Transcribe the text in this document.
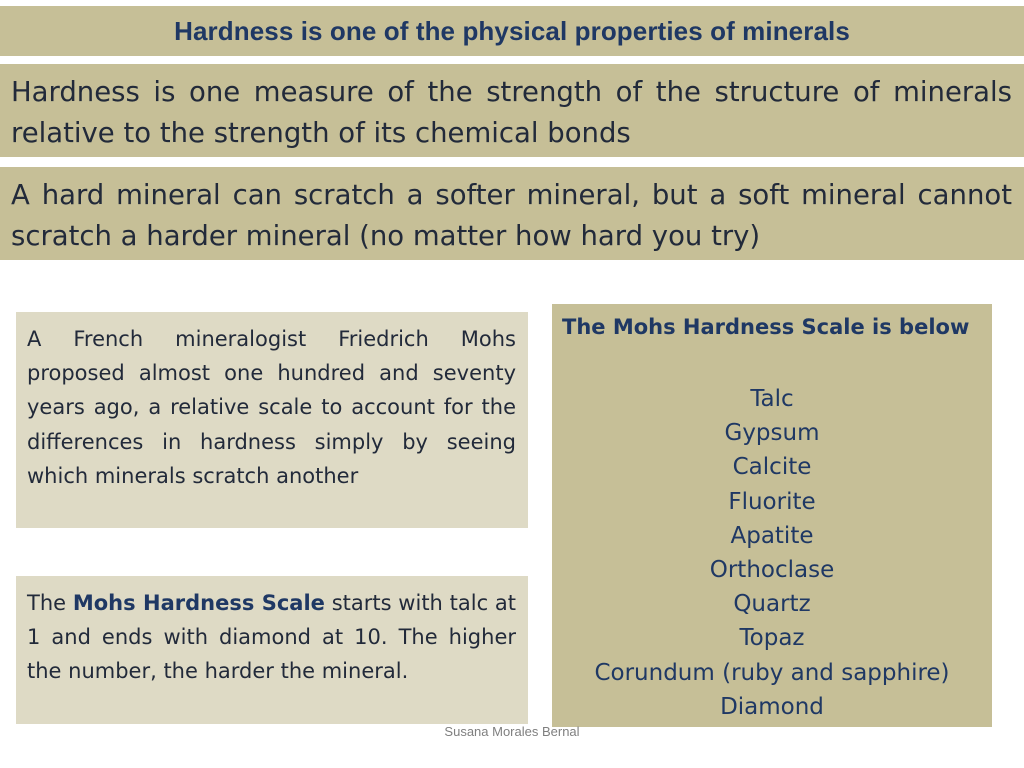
Hardness is one of the physical properties of minerals

Hardness is one measure of the strength of the structure of minerals relative to the strength of its chemical bonds

A hard mineral can scratch a softer mineral, but a soft mineral cannot scratch a harder mineral (no matter how hard you try)

A French mineralogist Friedrich Mohs proposed almost one hundred and seventy years ago, a relative scale to account for the differences in hardness simply by seeing which minerals scratch another

The Mohs Hardness Scale starts with talc at 1 and ends with diamond at 10. The higher the number, the harder the mineral.

The Mohs Hardness Scale is below

Talc
Gypsum
Calcite
Fluorite
Apatite
Orthoclase
Quartz
Topaz
Corundum (ruby and sapphire)
Diamond
Susana Morales Bernal
